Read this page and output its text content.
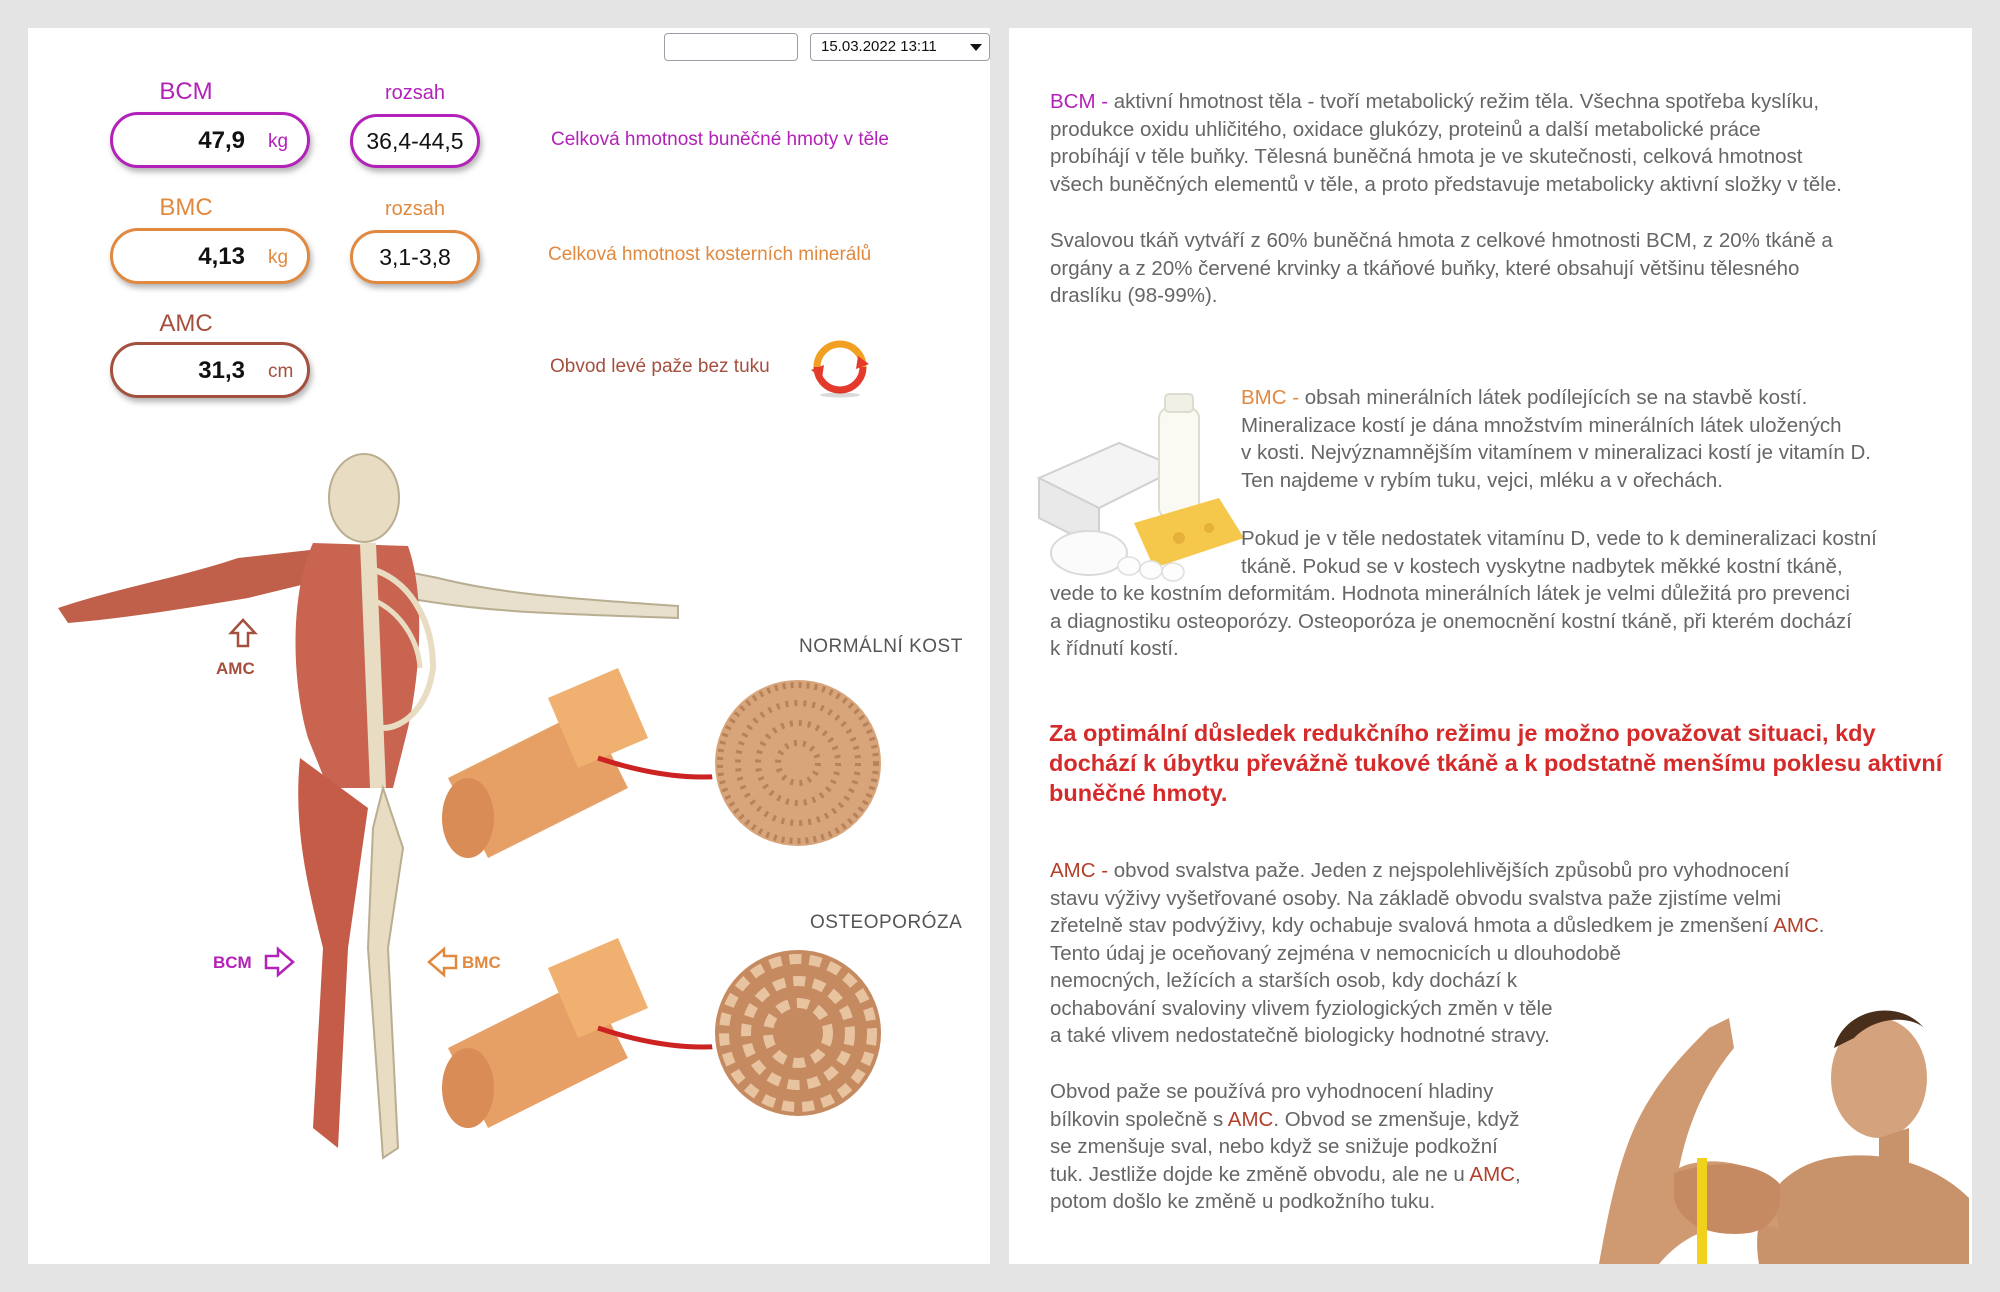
15.03.2022 13:11
BCM	rozsah
47,9 kg	36,4-44,5	Celková hmotnost buněčné hmoty v těle
BMC	rozsah
4,13 kg	3,1-3,8	Celková hmotnost kosterních minerálů
AMC
31,3 cm	Obvod levé paže bez tuku
AMC
BCM	BMC
NORMÁLNÍ KOST
OSTEOPORÓZA

BCM - aktivní hmotnost těla - tvoří metabolický režim těla. Všechna spotřeba kyslíku,
produkce oxidu uhličitého, oxidace glukózy, proteinů a další metabolické práce
probíhájí v těle buňky. Tělesná buněčná hmota je ve skutečnosti, celková hmotnost
všech buněčných elementů v těle, a proto představuje metabolicky aktivní složky v těle.

Svalovou tkáň vytváří z 60% buněčná hmota z celkové hmotnosti BCM, z 20% tkáně a
orgány a z 20% červené krvinky a tkáňové buňky, které obsahují většinu tělesného
draslíku (98-99%).

BMC - obsah minerálních látek podílejících se na stavbě kostí.
Mineralizace kostí je dána množstvím minerálních látek uložených
v kosti. Nejvýznamnějším vitamínem v mineralizaci kostí je vitamín D.
Ten najdeme v rybím tuku, vejci, mléku a v ořechách.

Pokud je v těle nedostatek vitamínu D, vede to k demineralizaci kostní
tkáně. Pokud se v kostech vyskytne nadbytek měkké kostní tkáně,

vede to ke kostním deformitám. Hodnota minerálních látek je velmi důležitá pro prevenci
a diagnostiku osteoporózy. Osteoporóza je onemocnění kostní tkáně, při kterém dochází
k řídnutí kostí.

Za optimální důsledek redukčního režimu je možno považovat situaci, kdy dochází k úbytku převážně tukové tkáně a k podstatně menšímu poklesu aktivní buněčné hmoty.

AMC - obvod svalstva paže. Jeden z nejspolehlivějších způsobů pro vyhodnocení
stavu výživy vyšetřované osoby. Na základě obvodu svalstva paže zjistíme velmi
zřetelně stav podvýživy, kdy ochabuje svalová hmota a důsledkem je zmenšení AMC.
Tento údaj je oceňovaný zejména v nemocnicích u dlouhodobě
nemocných, ležících a starších osob, kdy dochází k
ochabování svaloviny vlivem fyziologických změn v těle
a také vlivem nedostatečně biologicky hodnotné stravy.

Obvod paže se používá pro vyhodnocení hladiny
bílkovin společně s AMC. Obvod se zmenšuje, když
se zmenšuje sval, nebo když se snižuje podkožní
tuk. Jestliže dojde ke změně obvodu, ale ne u AMC,
potom došlo ke změně u podkožního tuku.
